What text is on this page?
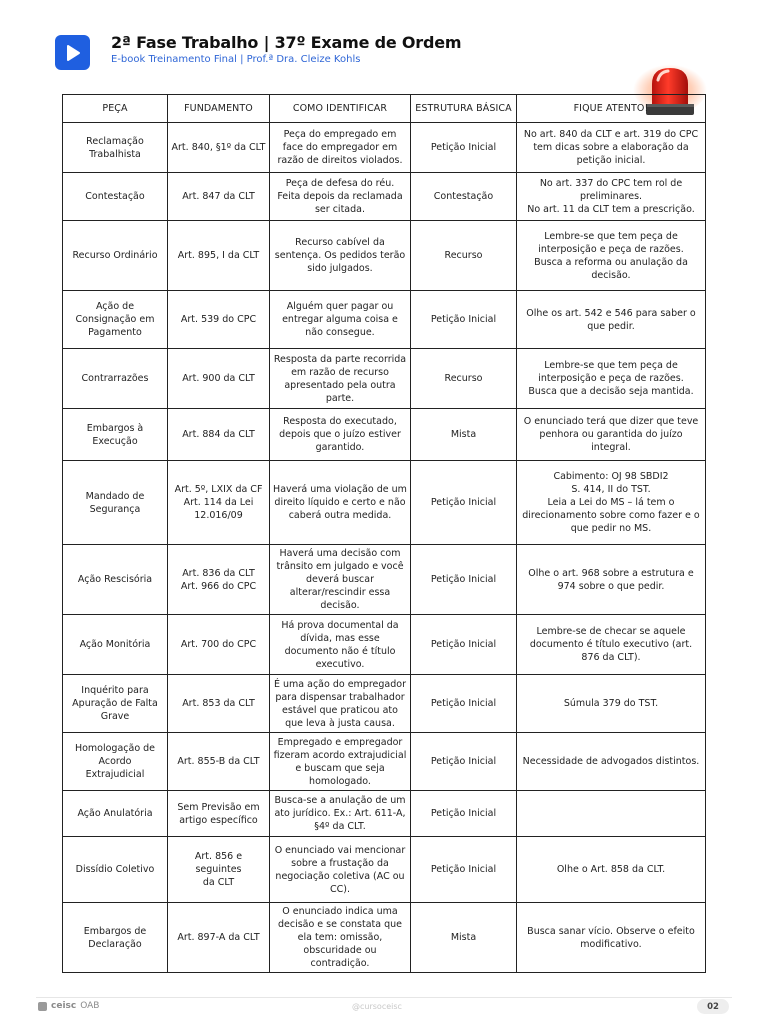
2ª Fase Trabalho | 37º Exame de Ordem
E-book Treinamento Final | Prof.ª Dra. Cleize Kohls
PEÇA	FUNDAMENTO	COMO IDENTIFICAR	ESTRUTURA BÁSICA	FIQUE ATENTO!
Reclamação
Trabalhista	Art. 840, §1º da CLT	Peça do empregado em
face do empregador em
razão de direitos violados.	Petição Inicial	No art. 840 da CLT e art. 319 do CPC
tem dicas sobre a elaboração da
petição inicial.
Contestação	Art. 847 da CLT	Peça de defesa do réu.
Feita depois da reclamada
ser citada.	Contestação	No art. 337 do CPC tem rol de
preliminares.
No art. 11 da CLT tem a prescrição.
Recurso Ordinário	Art. 895, I da CLT	Recurso cabível da
sentença. Os pedidos terão
sido julgados.	Recurso	Lembre-se que tem peça de
interposição e peça de razões.
Busca a reforma ou anulação da
decisão.
Ação de
Consignação em
Pagamento	Art. 539 do CPC	Alguém quer pagar ou
entregar alguma coisa e
não consegue.	Petição Inicial	Olhe os art. 542 e 546 para saber o
que pedir.
Contrarrazões	Art. 900 da CLT	Resposta da parte recorrida
em razão de recurso
apresentado pela outra
parte.	Recurso	Lembre-se que tem peça de
interposição e peça de razões.
Busca que a decisão seja mantida.
Embargos à
Execução	Art. 884 da CLT	Resposta do executado,
depois que o juízo estiver
garantido.	Mista	O enunciado terá que dizer que teve
penhora ou garantida do juízo
integral.
Mandado de
Segurança	Art. 5º, LXIX da CF
Art. 114 da Lei
12.016/09	Haverá uma violação de um
direito líquido e certo e não
caberá outra medida.	Petição Inicial	Cabimento: OJ 98 SBDI2
S. 414, II do TST.
Leia a Lei do MS – lá tem o
direcionamento sobre como fazer e o
que pedir no MS.
Ação Rescisória	Art. 836 da CLT
Art. 966 do CPC	Haverá uma decisão com
trânsito em julgado e você
deverá buscar
alterar/rescindir essa
decisão.	Petição Inicial	Olhe o art. 968 sobre a estrutura e
974 sobre o que pedir.
Ação Monitória	Art. 700 do CPC	Há prova documental da
dívida, mas esse
documento não é título
executivo.	Petição Inicial	Lembre-se de checar se aquele
documento é título executivo (art.
876 da CLT).
Inquérito para
Apuração de Falta
Grave	Art. 853 da CLT	É uma ação do empregador
para dispensar trabalhador
estável que praticou ato
que leva à justa causa.	Petição Inicial	Súmula 379 do TST.
Homologação de
Acordo
Extrajudicial	Art. 855-B da CLT	Empregado e empregador
fizeram acordo extrajudicial
e buscam que seja
homologado.	Petição Inicial	Necessidade de advogados distintos.
Ação Anulatória	Sem Previsão em
artigo específico	Busca-se a anulação de um
ato jurídico. Ex.: Art. 611-A,
§4º da CLT.	Petição Inicial	
Dissídio Coletivo	Art. 856 e seguintes
da CLT	O enunciado vai mencionar
sobre a frustação da
negociação coletiva (AC ou
CC).	Petição Inicial	Olhe o Art. 858 da CLT.
Embargos de
Declaração	Art. 897-A da CLT	O enunciado indica uma
decisão e se constata que
ela tem: omissão,
obscuridade ou
contradição.	Mista	Busca sanar vício. Observe o efeito
modificativo.
ceisc OAB	@cursoceisc	02
